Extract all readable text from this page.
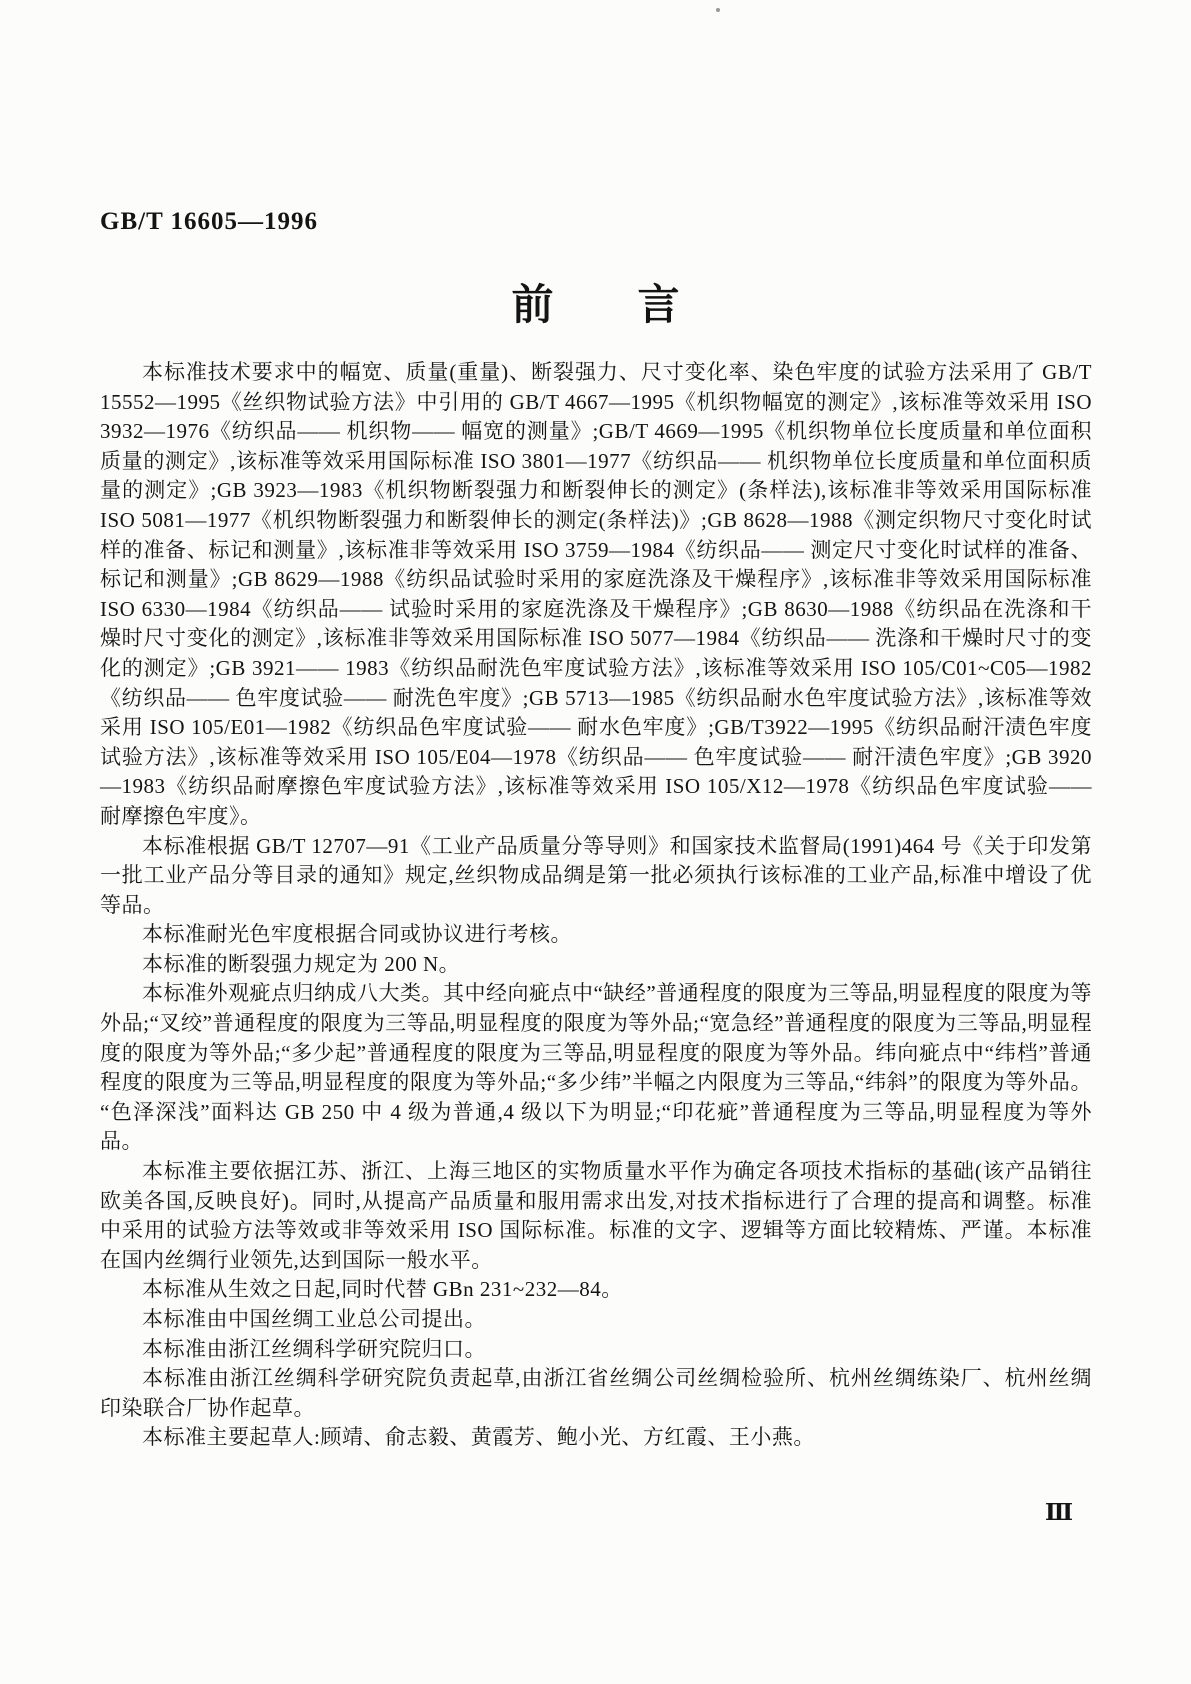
GB/T 16605—1996
前　　言

本标准技术要求中的幅宽、质量(重量)、断裂强力、尺寸变化率、染色牢度的试验方法采用了 GB/T 15552—1995《丝织物试验方法》中引用的 GB/T 4667—1995《机织物幅宽的测定》,该标准等效采用 ISO 3932—1976《纺织品—— 机织物—— 幅宽的测量》;GB/T 4669—1995《机织物单位长度质量和单位面积质量的测定》,该标准等效采用国际标准 ISO 3801—1977《纺织品—— 机织物单位长度质量和单位面积质量的测定》;GB 3923—1983《机织物断裂强力和断裂伸长的测定》(条样法),该标准非等效采用国际标准 ISO 5081—1977《机织物断裂强力和断裂伸长的测定(条样法)》;GB 8628—1988《测定织物尺寸变化时试样的准备、标记和测量》,该标准非等效采用 ISO 3759—1984《纺织品—— 测定尺寸变化时试样的准备、标记和测量》;GB 8629—1988《纺织品试验时采用的家庭洗涤及干燥程序》,该标准非等效采用国际标准 ISO 6330—1984《纺织品—— 试验时采用的家庭洗涤及干燥程序》;GB 8630—1988《纺织品在洗涤和干燥时尺寸变化的测定》,该标准非等效采用国际标准 ISO 5077—1984《纺织品—— 洗涤和干燥时尺寸的变化的测定》;GB 3921—— 1983《纺织品耐洗色牢度试验方法》,该标准等效采用 ISO 105/C01~C05—1982《纺织品—— 色牢度试验—— 耐洗色牢度》;GB 5713—1985《纺织品耐水色牢度试验方法》,该标准等效采用 ISO 105/E01—1982《纺织品色牢度试验—— 耐水色牢度》;GB/T3922—1995《纺织品耐汗渍色牢度试验方法》,该标准等效采用 ISO 105/E04—1978《纺织品—— 色牢度试验—— 耐汗渍色牢度》;GB 3920—1983《纺织品耐摩擦色牢度试验方法》,该标准等效采用 ISO 105/X12—1978《纺织品色牢度试验—— 耐摩擦色牢度》。

本标准根据 GB/T 12707—91《工业产品质量分等导则》和国家技术监督局(1991)464 号《关于印发第一批工业产品分等目录的通知》规定,丝织物成品绸是第一批必须执行该标准的工业产品,标准中增设了优等品。

本标准耐光色牢度根据合同或协议进行考核。

本标准的断裂强力规定为 200 N。

本标准外观疵点归纳成八大类。其中经向疵点中“缺经”普通程度的限度为三等品,明显程度的限度为等外品;“叉绞”普通程度的限度为三等品,明显程度的限度为等外品;“宽急经”普通程度的限度为三等品,明显程度的限度为等外品;“多少起”普通程度的限度为三等品,明显程度的限度为等外品。纬向疵点中“纬档”普通程度的限度为三等品,明显程度的限度为等外品;“多少纬”半幅之内限度为三等品,“纬斜”的限度为等外品。“色泽深浅”面料达 GB 250 中 4 级为普通,4 级以下为明显;“印花疵”普通程度为三等品,明显程度为等外品。

本标准主要依据江苏、浙江、上海三地区的实物质量水平作为确定各项技术指标的基础(该产品销往欧美各国,反映良好)。同时,从提高产品质量和服用需求出发,对技术指标进行了合理的提高和调整。标准中采用的试验方法等效或非等效采用 ISO 国际标准。标准的文字、逻辑等方面比较精炼、严谨。本标准在国内丝绸行业领先,达到国际一般水平。

本标准从生效之日起,同时代替 GBn 231~232—84。

本标准由中国丝绸工业总公司提出。

本标准由浙江丝绸科学研究院归口。

本标准由浙江丝绸科学研究院负责起草,由浙江省丝绸公司丝绸检验所、杭州丝绸练染厂、杭州丝绸印染联合厂协作起草。

本标准主要起草人:顾靖、俞志毅、黄霞芳、鲍小光、方红霞、王小燕。

Ⅲ
